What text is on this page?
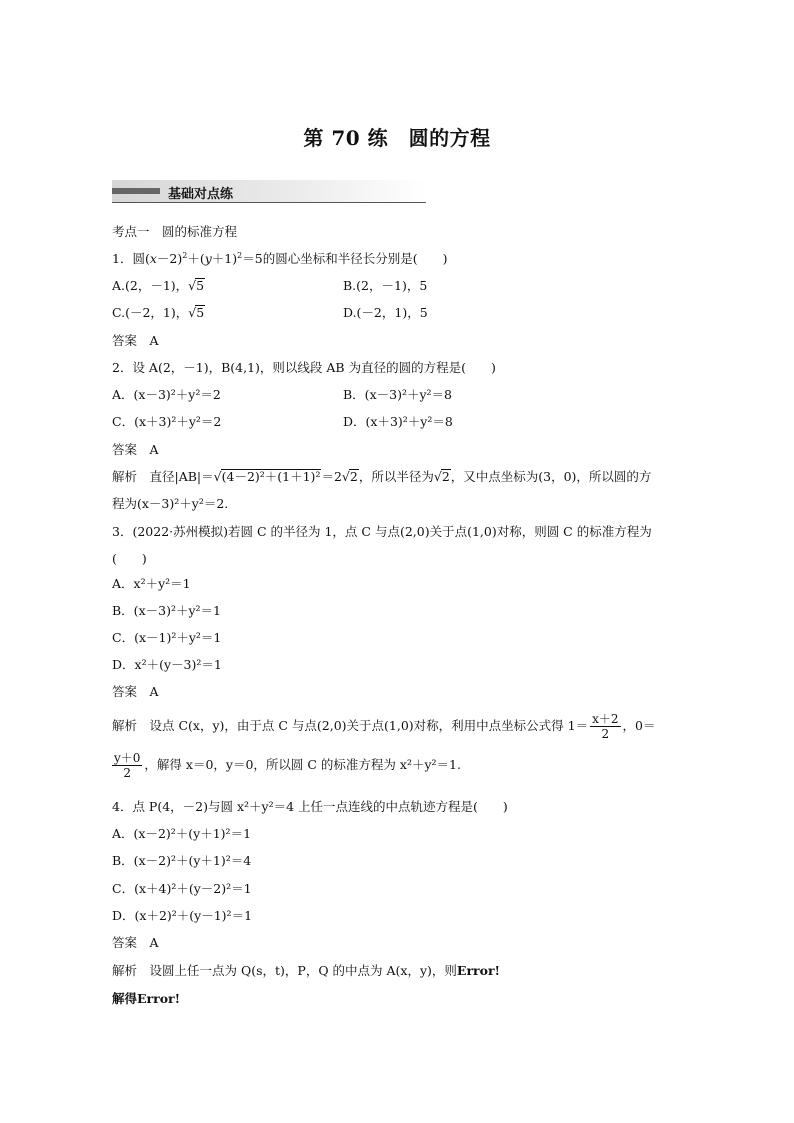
第 70 练　圆的方程
基础对点练
考点一　圆的标准方程
1．圆$(x-2)^2+(y+1)^2=5$的圆心坐标和半径长分别是(　　)
A.(2，－1)，√5	B.(2，－1)，5
C.(－2，1)，√5	D.(－2，1)，5
答案　A
2．设 A(2，－1)，B(4,1)，则以线段 AB 为直径的圆的方程是(　　)
A．(x－3)²＋y²＝2	B．(x－3)²＋y²＝8
C．(x＋3)²＋y²＝2	D．(x＋3)²＋y²＝8
答案　A
解析　直径|AB|＝√(4－2)²＋(1＋1)²＝2√2，所以半径为√2，又中点坐标为(3，0)，所以圆的方
程为(x－3)²＋y²＝2.
3．(2022·苏州模拟)若圆 C 的半径为 1，点 C 与点(2,0)关于点(1,0)对称，则圆 C 的标准方程为
(　　)
A．x²＋y²＝1
B．(x－3)²＋y²＝1
C．(x－1)²＋y²＝1
D．x²＋(y－3)²＝1
答案　A
解析　设点 C(x，y)，由于点 C 与点(2,0)关于点(1,0)对称，利用中点坐标公式得 $1= \frac{x+2}{2}$ ，0＝
$\frac{y+0}{2}$ ，解得 x＝0，y＝0，所以圆 C 的标准方程为 x²＋y²＝1.
4．点 P(4，－2)与圆 x²＋y²＝4 上任一点连线的中点轨迹方程是(　　)
A．(x－2)²＋(y＋1)²＝1
B．(x－2)²＋(y＋1)²＝4
C．(x＋4)²＋(y－2)²＝1
D．(x＋2)²＋(y－1)²＝1
答案　A
解析　设圆上任一点为 Q(s，t)，P，Q 的中点为 A(x，y)，则Error!
解得Error!
